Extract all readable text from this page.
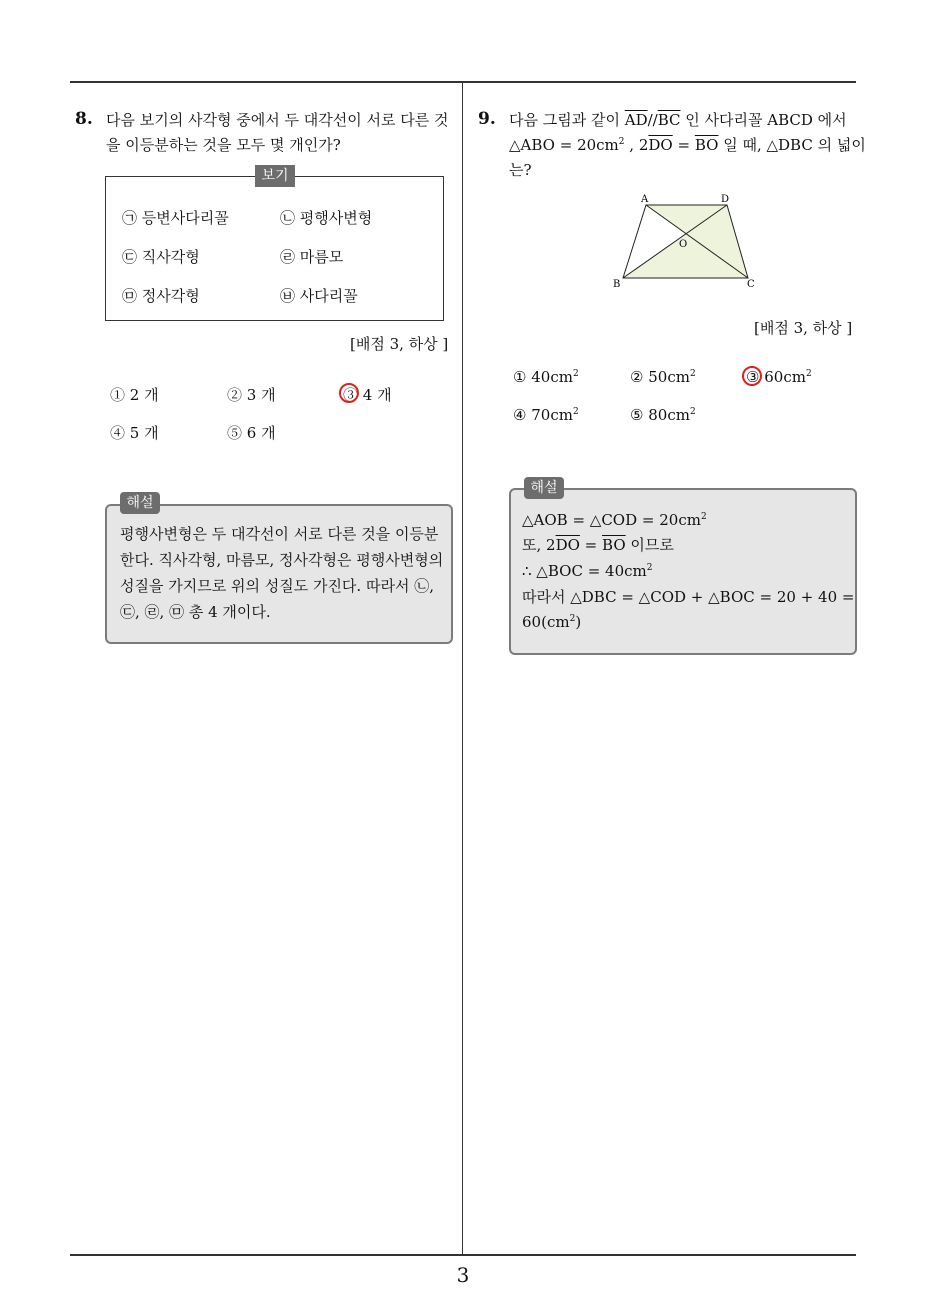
8. 다음 보기의 사각형 중에서 두 대각선이 서로 다른 것
을 이등분하는 것을 모두 몇 개인가?
보기
㉠ 등변사다리꼴	㉡ 평행사변형
㉢ 직사각형	㉣ 마름모
㉤ 정사각형	㉥ 사다리꼴
[배점 3, 하상 ]
① 2 개	② 3 개	③ 4 개
④ 5 개	⑤ 6 개
해설
평행사변형은 두 대각선이 서로 다른 것을 이등분
한다. 직사각형, 마름모, 정사각형은 평행사변형의
성질을 가지므로 위의 성질도 가진다. 따라서 ㉡,
㉢, ㉣, ㉤ 총 4 개이다.
9. 다음 그림과 같이 $\overline{AD}//\overline{BC}$ 인 사다리꼴 ABCD 에서
△ABO = $20cm^2$ , $2\overline{DO} = \overline{BO}$ 일 때, △DBC 의 넓이
는?
A	D
O
B	C
[배점 3, 하상 ]
① $40cm^2$	② $50cm^2$	③ $60cm^2$
④ $70cm^2$	⑤ $80cm^2$
해설
△AOB = △COD = $20cm^2$
또, $2\overline{DO} = \overline{BO}$ 이므로
∴ △BOC = $40cm^2$
따라서 △DBC = △COD + △BOC = 20 + 40 =
$60(cm^2)$
3
